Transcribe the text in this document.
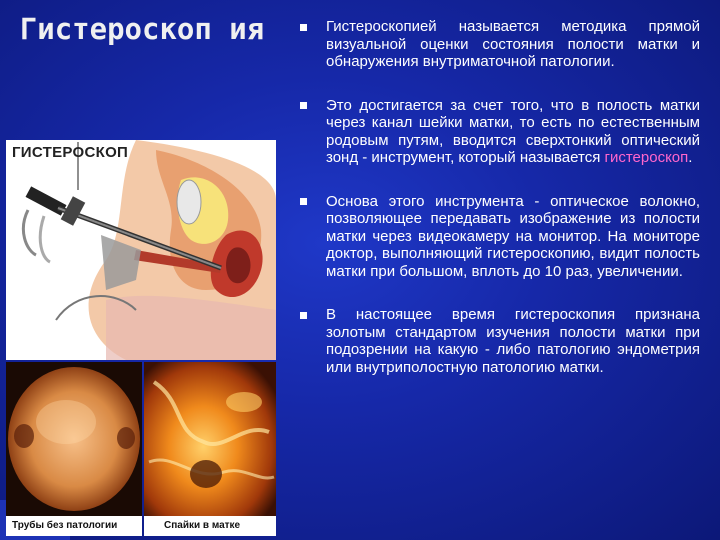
Гистероскоп ия
ГИСТЕРОСКОП
Трубы без патологии	Спайки в матке

Гистероскопией называется методика прямой визуальной оценки состояния полости матки и обнаружения внутриматочной патологии.

Это достигается за счет того, что в полость матки через канал шейки матки, то есть по естественным родовым путям, вводится сверхтонкий оптический зонд - инструмент, который называется гистероскоп.

Основа этого инструмента - оптическое волокно, позволяющее передавать изображение из полости матки через видеокамеру на монитор. На мониторе доктор, выполняющий гистероскопию, видит полость матки при большом, вплоть до 10 раз, увеличении.

В настоящее время гистероскопия признана золотым стандартом изучения полости матки при подозрении на какую - либо патологию эндометрия или внутриполостную патологию матки.
